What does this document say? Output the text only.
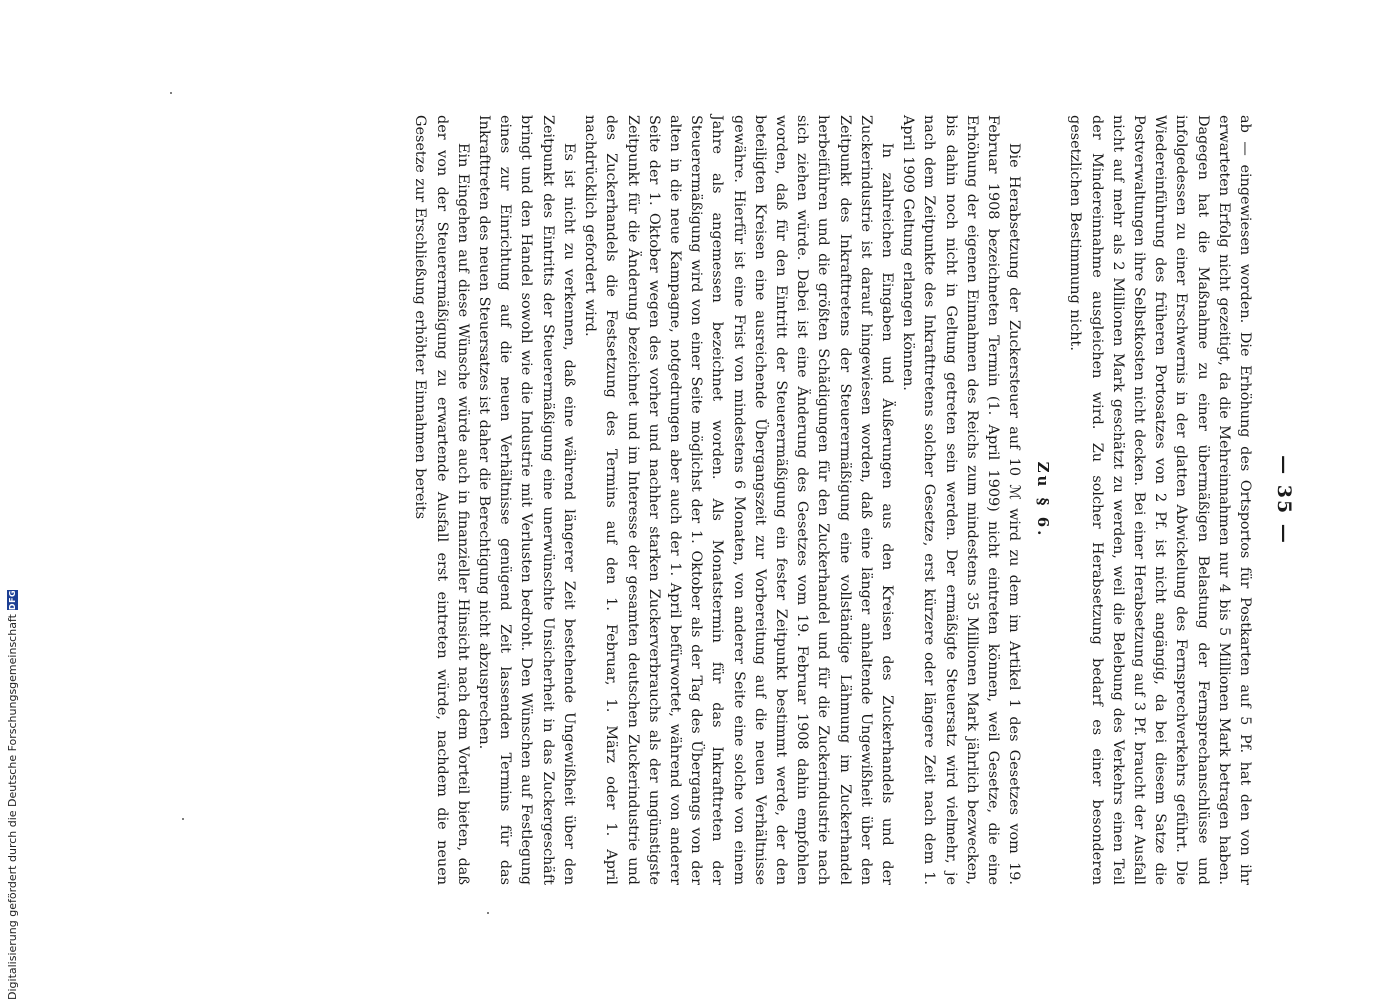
Digitalisierung gefördert durch die Deutsche Forschungsgemeinschaft
DFG
— 35 —

ab — eingewiesen worden. Die Erhöhung des Ortsportos für Postkarten auf 5 Pf. hat den von ihr erwarteten Erfolg nicht gezeitigt, da die Mehreinnahmen nur 4 bis 5 Millionen Mark betragen haben. Dagegen hat die Maßnahme zu einer übermäßigen Belastung der Fernsprechanschlüsse und infolgedessen zu einer Erschwernis in der glatten Abwickelung des Fernsprechverkehrs geführt. Die Wiedereinführung des früheren Portosatzes von 2 Pf. ist nicht angängig, da bei diesem Satze die Postverwaltungen ihre Selbstkosten nicht decken. Bei einer Herabsetzung auf 3 Pf. braucht der Ausfall nicht auf mehr als 2 Millionen Mark geschätzt zu werden, weil die Belebung des Verkehrs einen Teil der Mindereinnahme ausgleichen wird. Zu solcher Herabsetzung bedarf es einer besonderen gesetzlichen Bestimmung nicht.

Zu § 6.

Die Herabsetzung der Zuckersteuer auf 10 ℳ wird zu dem im Artikel 1 des Gesetzes vom 19. Februar 1908 bezeichneten Termin (1. April 1909) nicht eintreten können, weil Gesetze, die eine Erhöhung der eigenen Einnahmen des Reichs zum mindestens 35 Millionen Mark jährlich bezwecken, bis dahin noch nicht in Geltung getreten sein werden. Der ermäßigte Steuersatz wird vielmehr, je nach dem Zeitpunkte des Inkrafttretens solcher Gesetze, erst kürzere oder längere Zeit nach dem 1. April 1909 Geltung erlangen können.

In zahlreichen Eingaben und Äußerungen aus den Kreisen des Zuckerhandels und der Zuckerindustrie ist darauf hingewiesen worden, daß eine länger anhaltende Ungewißheit über den Zeitpunkt des Inkrafttretens der Steuerermäßigung eine vollständige Lähmung im Zuckerhandel herbeiführen und die größten Schädigungen für den Zuckerhandel und für die Zuckerindustrie nach sich ziehen würde. Dabei ist eine Änderung des Gesetzes vom 19. Februar 1908 dahin empfohlen worden, daß für den Eintritt der Steuerermäßigung ein fester Zeitpunkt bestimmt werde, der den beteiligten Kreisen eine ausreichende Übergangszeit zur Vorbereitung auf die neuen Verhältnisse gewähre. Hierfür ist eine Frist von mindestens 6 Monaten, von anderer Seite eine solche von einem Jahre als angemessen bezeichnet worden. Als Monatstermin für das Inkrafttreten der Steuerermäßigung wird von einer Seite möglichst der 1. Oktober als der Tag des Übergangs von der alten in die neue Kampagne, notgedrungen aber auch der 1. April befürwortet, während von anderer Seite der 1. Oktober wegen des vorher und nachher starken Zuckerverbrauchs als der ungünstigste Zeitpunkt für die Änderung bezeichnet und im Interesse der gesamten deutschen Zuckerindustrie und des Zuckerhandels die Festsetzung des Termins auf den 1. Februar, 1. März oder 1. April nachdrücklich gefordert wird.

Es ist nicht zu verkennen, daß eine während längerer Zeit bestehende Ungewißheit über den Zeitpunkt des Eintritts der Steuerermäßigung eine unerwünschte Unsicherheit in das Zuckergeschäft bringt und den Handel sowohl wie die Industrie mit Verlusten bedroht. Den Wünschen auf Festlegung eines zur Einrichtung auf die neuen Verhältnisse genügend Zeit lassenden Termins für das Inkrafttreten des neuen Steuersatzes ist daher die Berechtigung nicht abzusprechen.

Ein Eingehen auf diese Wünsche würde auch in finanzieller Hinsicht nach dem Vorteil bieten, daß der von der Steuerermäßigung zu erwartende Ausfall erst eintreten würde, nachdem die neuen Gesetze zur Erschließung erhöhter Einnahmen bereits
